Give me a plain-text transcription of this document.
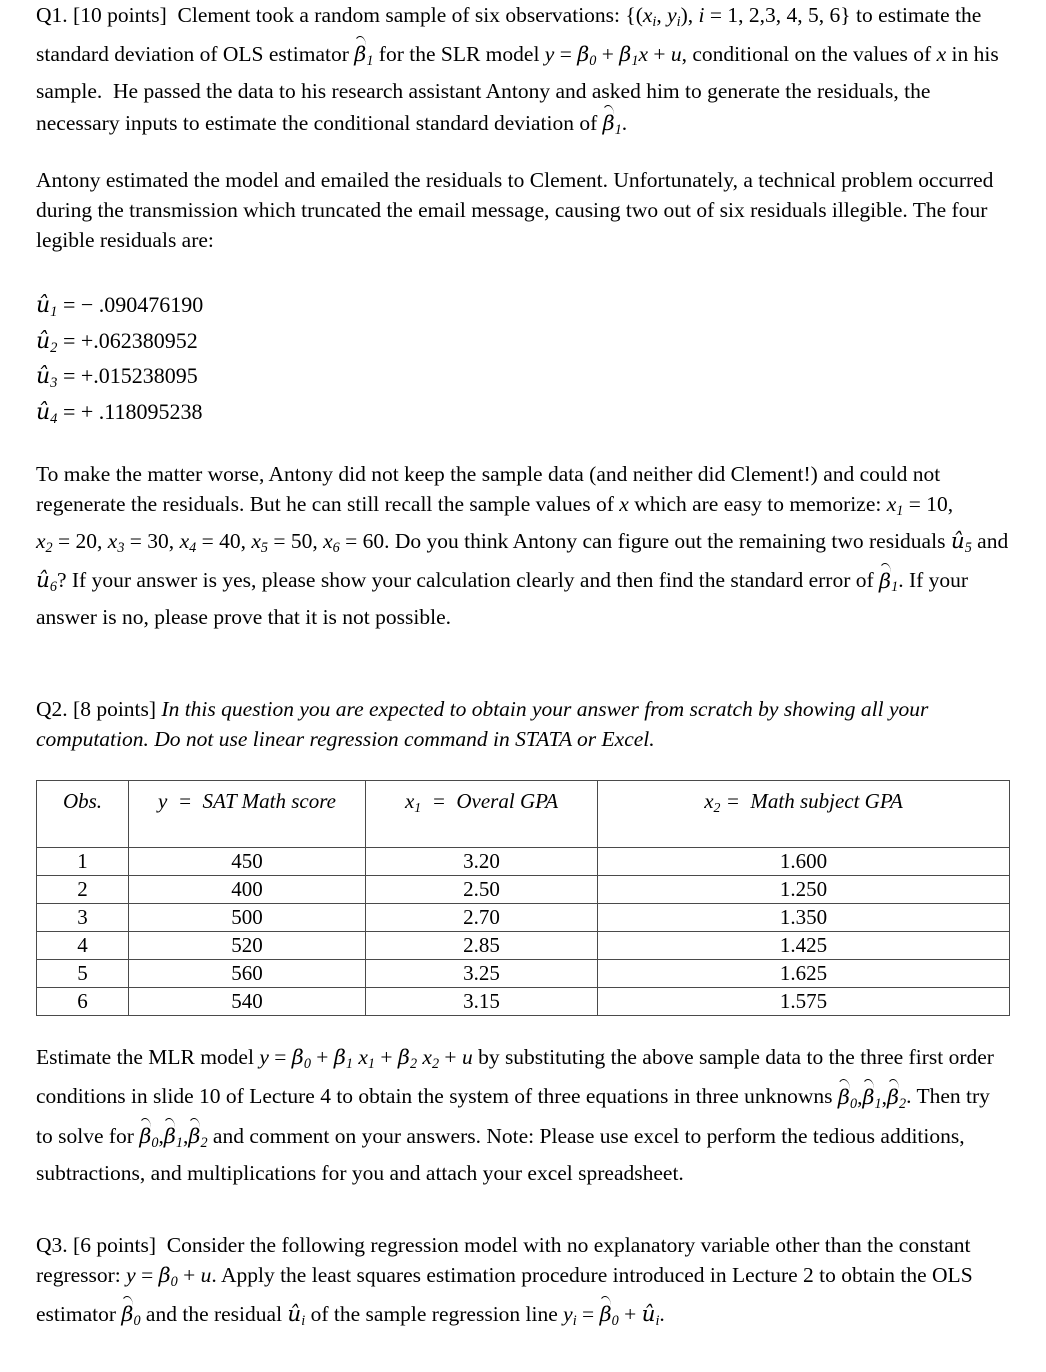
Q1. [10 points]  Clement took a random sample of six observations: {($x_i$, $y_i$), i = 1, 2,3, 4, 5, 6} to estimate the standard deviation of OLS estimator
$\beta_1$ for the SLR model $y = \beta_0 + \beta_1x + u$, conditional on the values of x in his sample.  He passed the data to his research assistant Antony and asked him to generate the residuals, the necessary inputs to estimate the conditional standard deviation of
$\beta_1$.
Antony estimated the model and emailed the residuals to Clement. Unfortunately, a technical problem occurred during the transmission which truncated the email message, causing two out of six residuals illegible. The four legible residuals are:
$û_1$ = − .090476190
$û_2 = +.062380952$
$û_3 = +.015238095$
$û_4$ = + .118095238
To make the matter worse, Antony did not keep the sample data (and neither did Clement!) and could not regenerate the residuals. But he can still recall the sample values of x which are easy to memorize: $x_1 = 10$, $x_2 = 20$, $x_3 = 30$, $x_4 = 40$, $x_5 = 50$, $x_6 = 60$. Do you think Antony can figure out the remaining two residuals $û_5$ and $û_6$? If your answer is yes, please show your calculation clearly and then find the standard error of
$\beta_1$. If your answer is no, please prove that it is not possible.
Q2. [8 points] In this question you are expected to obtain your answer from scratch by showing all your computation. Do not use linear regression command in STATA or Excel.
Obs.	y  =  SAT Math score	$x_1$  =  Overal GPA	$x_2$ =  Math subject GPA
1	450	3.20	1.600
2	400	2.50	1.250
3	500	2.70	1.350
4	520	2.85	1.425
5	560	3.25	1.625
6	540	3.15	1.575
Estimate the MLR model $y = \beta_0 + \beta_1$ $x_1 + \beta_2$ $x_2 + u$ by substituting the above sample data to the three first order conditions in slide 10 of Lecture 4 to obtain the system of three equations in three unknowns
$\beta_0$,
$\beta_1$,
$\beta_2$. Then try to solve for
$\beta_0$,
$\beta_1$,
$\beta_2$ and comment on your answers. Note: Please use excel to perform the tedious additions, subtractions, and multiplications for you and attach your excel spreadsheet.
Q3. [6 points] Consider the following regression model with no explanatory variable other than the constant regressor: $y = \beta_0 + u$. Apply the least squares estimation procedure introduced in Lecture 2 to obtain the OLS estimator
$\beta_0$ and the residual $û_i$ of the sample regression line $y_i$ =
$\beta_0$ + $û_i$.
